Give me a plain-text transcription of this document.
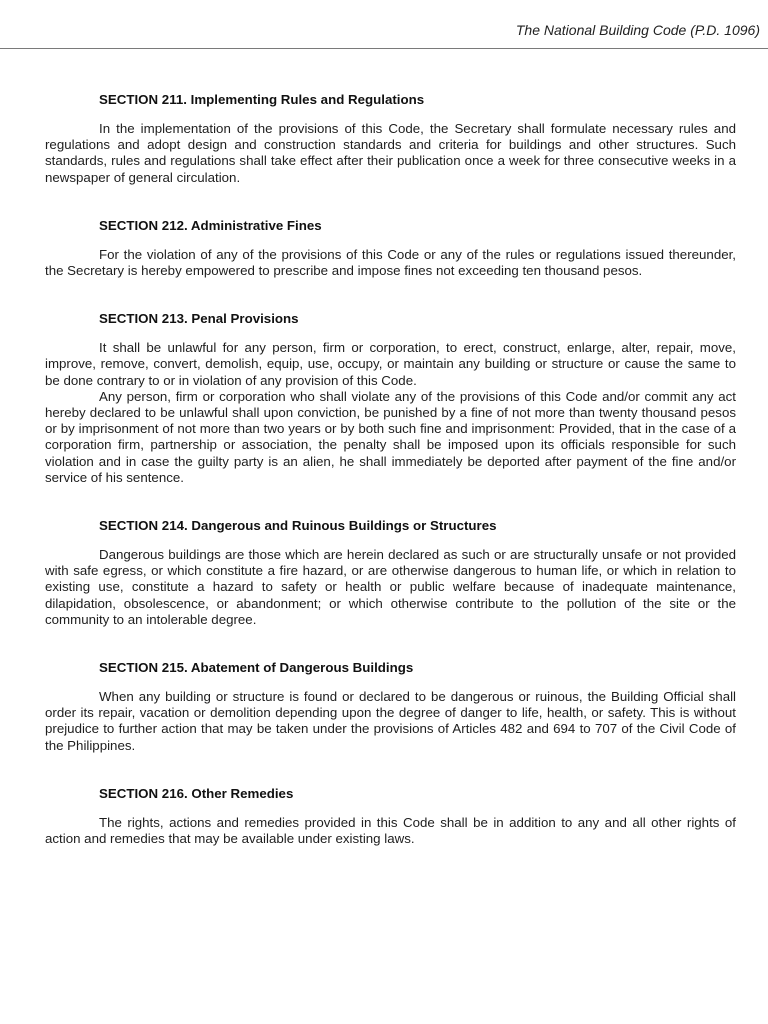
The National Building Code (P.D. 1096)
SECTION 211. Implementing Rules and Regulations

In the implementation of the provisions of this Code, the Secretary shall formulate necessary rules and regulations and adopt design and construction standards and criteria for buildings and other structures. Such standards, rules and regulations shall take effect after their publication once a week for three consecutive weeks in a newspaper of general circulation.

SECTION 212. Administrative Fines

For the violation of any of the provisions of this Code or any of the rules or regulations issued thereunder, the Secretary is hereby empowered to prescribe and impose fines not exceeding ten thousand pesos.

SECTION 213. Penal Provisions

It shall be unlawful for any person, firm or corporation, to erect, construct, enlarge, alter, repair, move, improve, remove, convert, demolish, equip, use, occupy, or maintain any building or structure or cause the same to be done contrary to or in violation of any provision of this Code.

Any person, firm or corporation who shall violate any of the provisions of this Code and/or commit any act hereby declared to be unlawful shall upon conviction, be punished by a fine of not more than twenty thousand pesos or by imprisonment of not more than two years or by both such fine and imprisonment: Provided, that in the case of a corporation firm, partnership or association, the penalty shall be imposed upon its officials responsible for such violation and in case the guilty party is an alien, he shall immediately be deported after payment of the fine and/or service of his sentence.

SECTION 214. Dangerous and Ruinous Buildings or Structures

Dangerous buildings are those which are herein declared as such or are structurally unsafe or not provided with safe egress, or which constitute a fire hazard, or are otherwise dangerous to human life, or which in relation to existing use, constitute a hazard to safety or health or public welfare because of inadequate maintenance, dilapidation, obsolescence, or abandonment; or which otherwise contribute to the pollution of the site or the community to an intolerable degree.

SECTION 215. Abatement of Dangerous Buildings

When any building or structure is found or declared to be dangerous or ruinous, the Building Official shall order its repair, vacation or demolition depending upon the degree of danger to life, health, or safety. This is without prejudice to further action that may be taken under the provisions of Articles 482 and 694 to 707 of the Civil Code of the Philippines.

SECTION 216. Other Remedies

The rights, actions and remedies provided in this Code shall be in addition to any and all other rights of action and remedies that may be available under existing laws.
